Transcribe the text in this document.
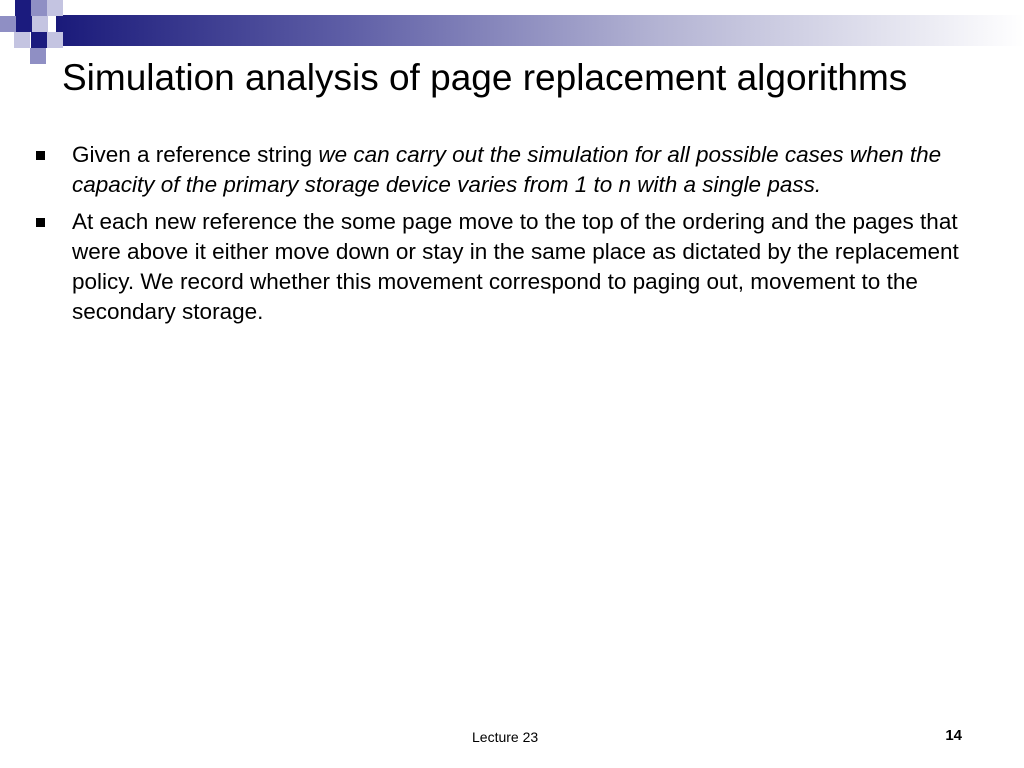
Simulation analysis of page replacement algorithms
Given a reference string we can carry out the simulation for all possible cases when the capacity of the primary storage device varies from 1 to n with a single pass.
At each new reference the some page move to the top of the ordering and the pages that were above it either move down or stay in the same place as dictated by the replacement policy. We record whether this movement correspond to paging out, movement to the secondary storage.
Lecture 23	14
